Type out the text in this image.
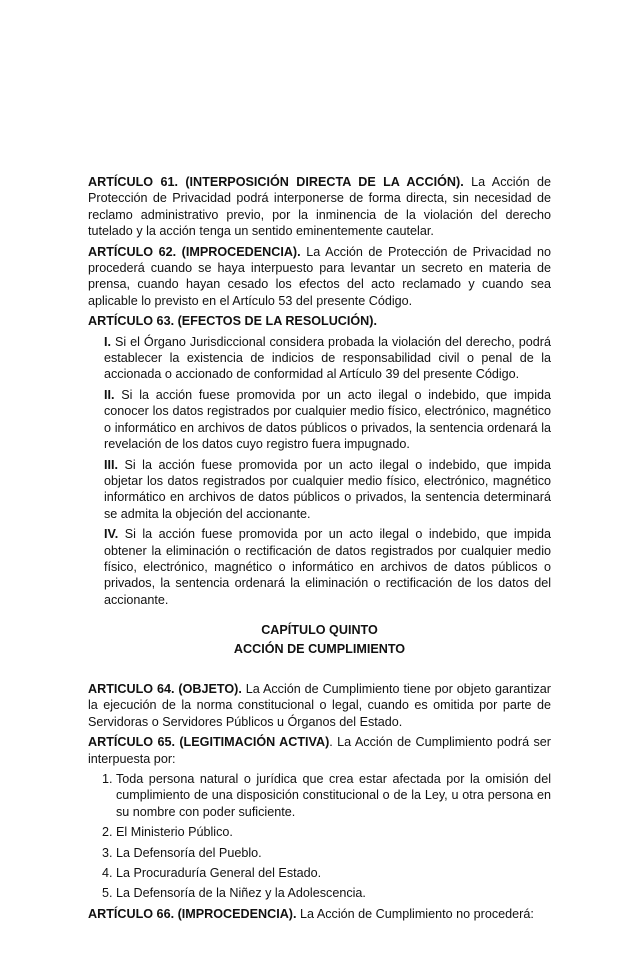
ARTÍCULO 61. (INTERPOSICIÓN DIRECTA DE LA ACCIÓN). La Acción de Protección de Privacidad podrá interponerse de forma directa, sin necesidad de reclamo administrativo previo, por la inminencia de la violación del derecho tutelado y la acción tenga un sentido eminentemente cautelar.

ARTÍCULO 62. (IMPROCEDENCIA). La Acción de Protección de Privacidad no procederá cuando se haya interpuesto para levantar un secreto en materia de prensa, cuando hayan cesado los efectos del acto reclamado y cuando sea aplicable lo previsto en el Artículo 53 del presente Código.

ARTÍCULO 63. (EFECTOS DE LA RESOLUCIÓN).

I. Si el Órgano Jurisdiccional considera probada la violación del derecho, podrá establecer la existencia de indicios de responsabilidad civil o penal de la accionada o accionado de conformidad al Artículo 39 del presente Código.
II. Si la acción fuese promovida por un acto ilegal o indebido, que impida conocer los datos registrados por cualquier medio físico, electrónico, magnético o informático en archivos de datos públicos o privados, la sentencia ordenará la revelación de los datos cuyo registro fuera impugnado.
III. Si la acción fuese promovida por un acto ilegal o indebido, que impida objetar los datos registrados por cualquier medio físico, electrónico, magnético informático en archivos de datos públicos o privados, la sentencia determinará se admita la objeción del accionante.
IV. Si la acción fuese promovida por un acto ilegal o indebido, que impida obtener la eliminación o rectificación de datos registrados por cualquier medio físico, electrónico, magnético o informático en archivos de datos públicos o privados, la sentencia ordenará la eliminación o rectificación de los datos del accionante.

CAPÍTULO QUINTO

ACCIÓN DE CUMPLIMIENTO

ARTICULO 64. (OBJETO). La Acción de Cumplimiento tiene por objeto garantizar la ejecución de la norma constitucional o legal, cuando es omitida por parte de Servidoras o Servidores Públicos u Órganos del Estado.

ARTÍCULO 65. (LEGITIMACIÓN ACTIVA). La Acción de Cumplimiento podrá ser interpuesta por:

1. Toda persona natural o jurídica que crea estar afectada por la omisión del cumplimiento de una disposición constitucional o de la Ley, u otra persona en su nombre con poder suficiente.
2. El Ministerio Público.
3. La Defensoría del Pueblo.
4. La Procuraduría General del Estado.
5. La Defensoría de la Niñez y la Adolescencia.

ARTÍCULO 66. (IMPROCEDENCIA). La Acción de Cumplimiento no procederá:
